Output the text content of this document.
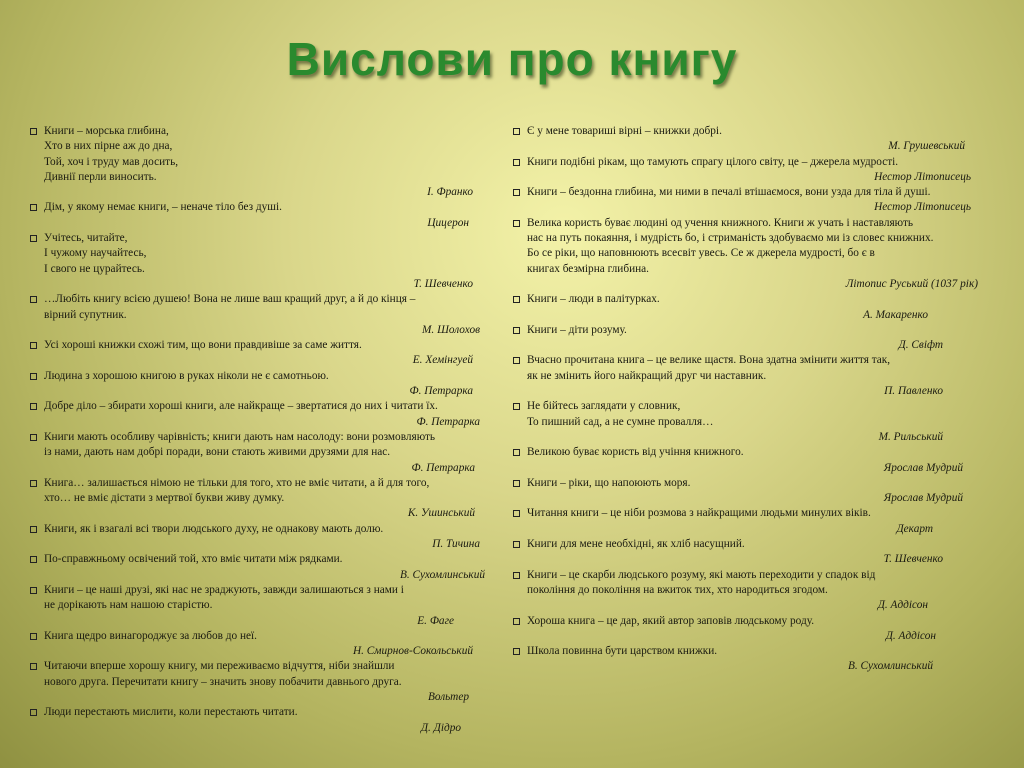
Вислови про книгу
Книги – морська глибина,
Хто в них пірне аж до дна,
Той, хоч і труду мав досить,
Дивнії перли виносить.
І. Франко
Дім, у якому немає книги, – неначе тіло без душі.
Цицерон
Учітесь, читайте,
І чужому научайтесь,
І свого не цурайтесь.
Т. Шевченко
…Любіть книгу всією душею! Вона не лише ваш кращий друг, а й до кінця –
вірний супутник.
М. Шолохов
Усі хороші книжки схожі тим, що вони правдивіше за саме життя.
Е. Хемінгуей
Людина з хорошою книгою в руках ніколи не є самотньою.
Ф. Петрарка
Добре діло – збирати хороші книги, але найкраще – звертатися до них і читати їх.
Ф. Петрарка
Книги мають особливу чарівність; книги дають нам насолоду: вони розмовляють
із нами, дають нам добрі поради, вони стають живими друзями для нас.
Ф. Петрарка
Книга… залишається німою не тільки для того, хто не вміє читати, а й для того,
хто… не вміє дістати з мертвої букви живу думку.
К. Ушинський
Книги, як і взагалі всі твори людського духу, не однакову мають долю.
П. Тичина
По-справжньому освічений той, хто вміє читати між рядками.
В. Сухомлинський
Книги – це наші друзі, які нас не зраджують, завжди залишаються з нами і
не дорікають нам нашою старістю.
Е. Фаге
Книга щедро винагороджує за любов до неї.
Н. Смирнов-Сокольський
Читаючи вперше хорошу книгу, ми переживаємо відчуття, ніби знайшли
нового друга. Перечитати книгу – значить знову побачити давнього друга.
Вольтер
Люди перестають мислити, коли перестають читати.
Д. Дідро
Є у мене товариші вірні – книжки добрі.
М. Грушевський
Книги подібні рікам, що тамують спрагу цілого світу, це – джерела мудрості.
Нестор Літописець
Книги – бездонна глибина, ми ними в печалі втішаємося, вони узда для тіла й душі.
Нестор Літописець
Велика користь буває людині од учення книжного. Книги ж учать і наставляють
нас на путь покаяння, і мудрість бо, і стриманість здобуваємо ми із словес книжних.
Бо се ріки, що наповнюють всесвіт увесь. Се ж джерела мудрості, бо є в
книгах безмірна глибина.
Літопис Руський (1037 рік)
Книги – люди в палітурках.
А. Макаренко
Книги – діти розуму.
Д. Свіфт
Вчасно прочитана книга – це велике щастя. Вона здатна змінити життя так,
як не змінить його найкращий друг чи наставник.
П. Павленко
Не бійтесь заглядати у словник,
То пишний сад, а не сумне провалля…
М. Рильський
Великою буває користь від учіння книжного.
Ярослав Мудрий
Книги – ріки, що напоюють моря.
Ярослав Мудрий
Читання книги – це ніби розмова з найкращими людьми минулих віків.
Декарт
Книги для мене необхідні, як хліб насущний.
Т. Шевченко
Книги – це скарби людського розуму, які мають переходити у спадок від
покоління до покоління на вжиток тих, хто народиться згодом.
Д. Аддісон
Хороша книга – це дар, який автор заповів людському роду.
Д. Аддісон
Школа повинна бути царством книжки.
В. Сухомлинський
